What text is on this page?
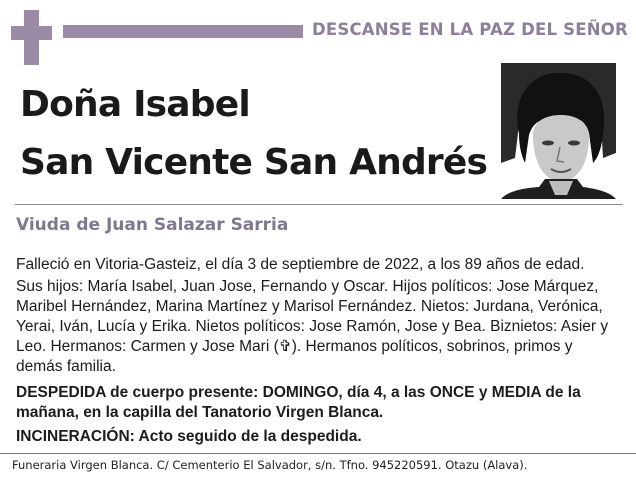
DESCANSE EN LA PAZ DEL SEÑOR
Doña Isabel
San Vicente San Andrés
Viuda de Juan Salazar Sarria
Falleció en Vitoria-Gasteiz, el día 3 de septiembre de 2022, a los 89 años de edad.
Sus hijos: María Isabel, Juan Jose, Fernando y Oscar. Hijos políticos: Jose Márquez, Maribel Hernández, Marina Martínez y Marisol Fernández. Nietos: Jurdana, Verónica, Yerai, Iván, Lucía y Erika. Nietos políticos: Jose Ramón, Jose y Bea. Biznietos: Asier y Leo. Hermanos: Carmen y Jose Mari (✞). Hermanos políticos, sobrinos, primos y demás familia.
DESPEDIDA de cuerpo presente: DOMINGO, día 4, a las ONCE y MEDIA de la mañana, en la capilla del Tanatorio Virgen Blanca.
INCINERACIÓN: Acto seguido de la despedida.
Funeraria Virgen Blanca. C/ Cementerio El Salvador, s/n. Tfno. 945220591. Otazu (Alava).
